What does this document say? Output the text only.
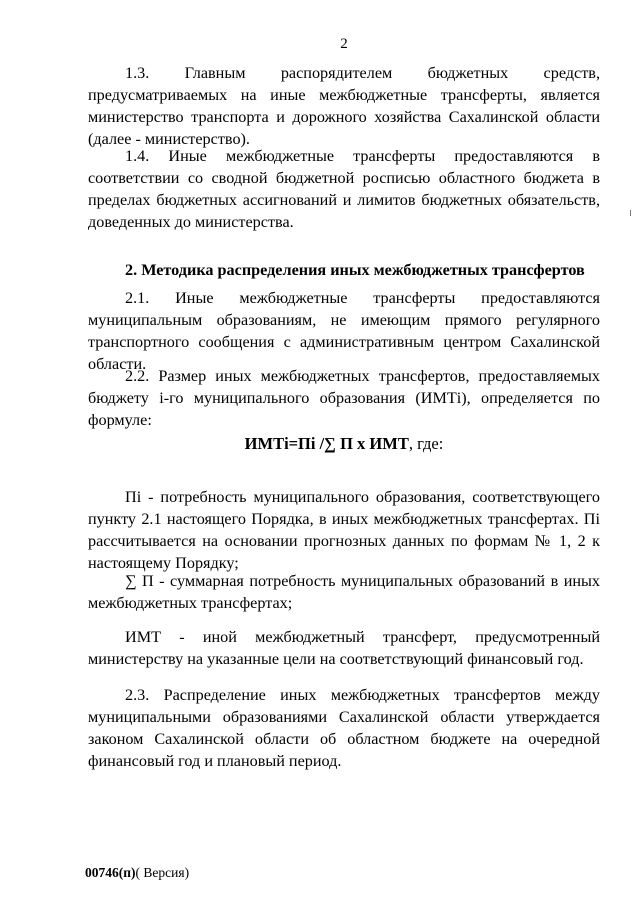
2

1.3. Главным распорядителем бюджетных средств, предусматриваемых на иные межбюджетные трансферты, является министерство транспорта и дорожного хозяйства Сахалинской области (далее - министерство).

1.4. Иные межбюджетные трансферты предоставляются в соответствии со сводной бюджетной росписью областного бюджета в пределах бюджетных ассигнований и лимитов бюджетных обязательств, доведенных до министерства.

2. Методика распределения иных межбюджетных трансфертов

2.1. Иные межбюджетные трансферты предоставляются муниципальным образованиям, не имеющим прямого регулярного транспортного сообщения с административным центром Сахалинской области.

2.2. Размер иных межбюджетных трансфертов, предоставляемых бюджету i-го муниципального образования (ИМТi), определяется по формуле:

ИМТi=Пi /∑ П х ИМТ, где:

Пi - потребность муниципального образования, соответствующего пункту 2.1 настоящего Порядка, в иных межбюджетных трансфертах. Пi рассчитывается на основании прогнозных данных по формам № 1, 2 к настоящему Порядку;

∑ П - суммарная потребность муниципальных образований в иных межбюджетных трансфертах;

ИМТ - иной межбюджетный трансферт, предусмотренный министерству на указанные цели на соответствующий финансовый год.

2.3. Распределение иных межбюджетных трансфертов между муниципальными образованиями Сахалинской области утверждается законом Сахалинской области об областном бюджете на очередной финансовый год и плановый период.

00746(п)( Версия)
